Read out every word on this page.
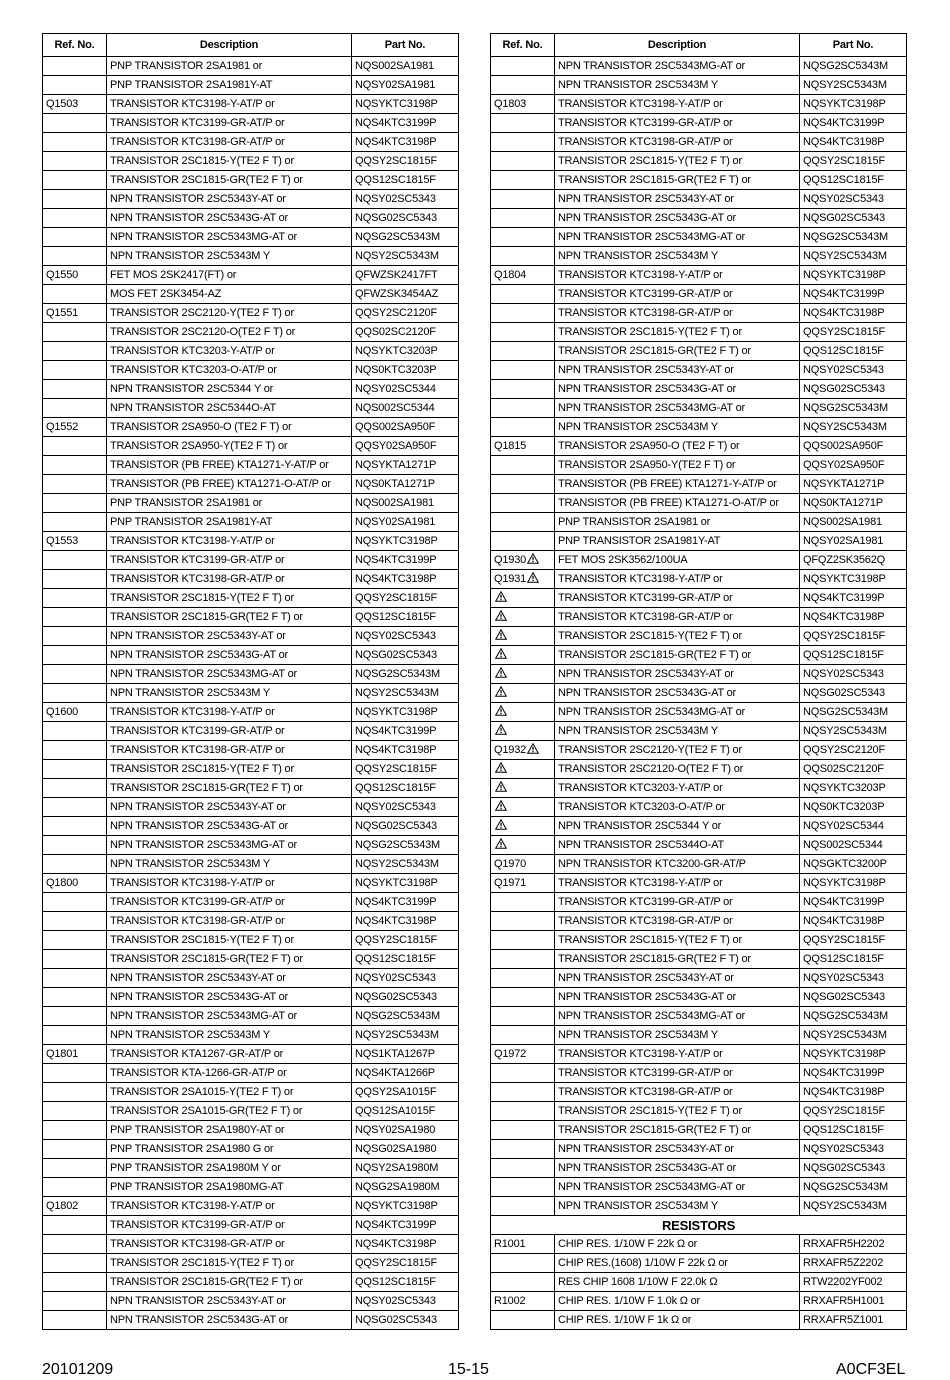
Ref. No.	Description	Part No.
	PNP TRANSISTOR 2SA1981 or	NQS002SA1981
	PNP TRANSISTOR 2SA1981Y-AT	NQSY02SA1981
Q1503	TRANSISTOR KTC3198-Y-AT/P or	NQSYKTC3198P
	TRANSISTOR KTC3199-GR-AT/P or	NQS4KTC3199P
	TRANSISTOR KTC3198-GR-AT/P or	NQS4KTC3198P
	TRANSISTOR 2SC1815-Y(TE2 F T) or	QQSY2SC1815F
	TRANSISTOR 2SC1815-GR(TE2 F T) or	QQS12SC1815F
	NPN TRANSISTOR 2SC5343Y-AT or	NQSY02SC5343
	NPN TRANSISTOR 2SC5343G-AT or	NQSG02SC5343
	NPN TRANSISTOR 2SC5343MG-AT or	NQSG2SC5343M
	NPN TRANSISTOR 2SC5343M Y	NQSY2SC5343M
Q1550	FET MOS 2SK2417(FT) or	QFWZSK2417FT
	MOS FET 2SK3454-AZ	QFWZSK3454AZ
Q1551	TRANSISTOR 2SC2120-Y(TE2 F T) or	QQSY2SC2120F
	TRANSISTOR 2SC2120-O(TE2 F T) or	QQS02SC2120F
	TRANSISTOR KTC3203-Y-AT/P or	NQSYKTC3203P
	TRANSISTOR KTC3203-O-AT/P or	NQS0KTC3203P
	NPN TRANSISTOR 2SC5344 Y or	NQSY02SC5344
	NPN TRANSISTOR 2SC5344O-AT	NQS002SC5344
Q1552	TRANSISTOR 2SA950-O (TE2 F T) or	QQS002SA950F
	TRANSISTOR 2SA950-Y(TE2 F T) or	QQSY02SA950F
	TRANSISTOR (PB FREE) KTA1271-Y-AT/P or	NQSYKTA1271P
	TRANSISTOR (PB FREE) KTA1271-O-AT/P or	NQS0KTA1271P
	PNP TRANSISTOR 2SA1981 or	NQS002SA1981
	PNP TRANSISTOR 2SA1981Y-AT	NQSY02SA1981
Q1553	TRANSISTOR KTC3198-Y-AT/P or	NQSYKTC3198P
	TRANSISTOR KTC3199-GR-AT/P or	NQS4KTC3199P
	TRANSISTOR KTC3198-GR-AT/P or	NQS4KTC3198P
	TRANSISTOR 2SC1815-Y(TE2 F T) or	QQSY2SC1815F
	TRANSISTOR 2SC1815-GR(TE2 F T) or	QQS12SC1815F
	NPN TRANSISTOR 2SC5343Y-AT or	NQSY02SC5343
	NPN TRANSISTOR 2SC5343G-AT or	NQSG02SC5343
	NPN TRANSISTOR 2SC5343MG-AT or	NQSG2SC5343M
	NPN TRANSISTOR 2SC5343M Y	NQSY2SC5343M
Q1600	TRANSISTOR KTC3198-Y-AT/P or	NQSYKTC3198P
	TRANSISTOR KTC3199-GR-AT/P or	NQS4KTC3199P
	TRANSISTOR KTC3198-GR-AT/P or	NQS4KTC3198P
	TRANSISTOR 2SC1815-Y(TE2 F T) or	QQSY2SC1815F
	TRANSISTOR 2SC1815-GR(TE2 F T) or	QQS12SC1815F
	NPN TRANSISTOR 2SC5343Y-AT or	NQSY02SC5343
	NPN TRANSISTOR 2SC5343G-AT or	NQSG02SC5343
	NPN TRANSISTOR 2SC5343MG-AT or	NQSG2SC5343M
	NPN TRANSISTOR 2SC5343M Y	NQSY2SC5343M
Q1800	TRANSISTOR KTC3198-Y-AT/P or	NQSYKTC3198P
	TRANSISTOR KTC3199-GR-AT/P or	NQS4KTC3199P
	TRANSISTOR KTC3198-GR-AT/P or	NQS4KTC3198P
	TRANSISTOR 2SC1815-Y(TE2 F T) or	QQSY2SC1815F
	TRANSISTOR 2SC1815-GR(TE2 F T) or	QQS12SC1815F
	NPN TRANSISTOR 2SC5343Y-AT or	NQSY02SC5343
	NPN TRANSISTOR 2SC5343G-AT or	NQSG02SC5343
	NPN TRANSISTOR 2SC5343MG-AT or	NQSG2SC5343M
	NPN TRANSISTOR 2SC5343M Y	NQSY2SC5343M
Q1801	TRANSISTOR KTA1267-GR-AT/P or	NQS1KTA1267P
	TRANSISTOR KTA-1266-GR-AT/P or	NQS4KTA1266P
	TRANSISTOR 2SA1015-Y(TE2 F T) or	QQSY2SA1015F
	TRANSISTOR 2SA1015-GR(TE2 F T) or	QQS12SA1015F
	PNP TRANSISTOR 2SA1980Y-AT or	NQSY02SA1980
	PNP TRANSISTOR 2SA1980 G or	NQSG02SA1980
	PNP TRANSISTOR 2SA1980M Y or	NQSY2SA1980M
	PNP TRANSISTOR 2SA1980MG-AT	NQSG2SA1980M
Q1802	TRANSISTOR KTC3198-Y-AT/P or	NQSYKTC3198P
	TRANSISTOR KTC3199-GR-AT/P or	NQS4KTC3199P
	TRANSISTOR KTC3198-GR-AT/P or	NQS4KTC3198P
	TRANSISTOR 2SC1815-Y(TE2 F T) or	QQSY2SC1815F
	TRANSISTOR 2SC1815-GR(TE2 F T) or	QQS12SC1815F
	NPN TRANSISTOR 2SC5343Y-AT or	NQSY02SC5343
	NPN TRANSISTOR 2SC5343G-AT or	NQSG02SC5343
Ref. No.	Description	Part No.
	NPN TRANSISTOR 2SC5343MG-AT or	NQSG2SC5343M
	NPN TRANSISTOR 2SC5343M Y	NQSY2SC5343M
Q1803	TRANSISTOR KTC3198-Y-AT/P or	NQSYKTC3198P
	TRANSISTOR KTC3199-GR-AT/P or	NQS4KTC3199P
	TRANSISTOR KTC3198-GR-AT/P or	NQS4KTC3198P
	TRANSISTOR 2SC1815-Y(TE2 F T) or	QQSY2SC1815F
	TRANSISTOR 2SC1815-GR(TE2 F T) or	QQS12SC1815F
	NPN TRANSISTOR 2SC5343Y-AT or	NQSY02SC5343
	NPN TRANSISTOR 2SC5343G-AT or	NQSG02SC5343
	NPN TRANSISTOR 2SC5343MG-AT or	NQSG2SC5343M
	NPN TRANSISTOR 2SC5343M Y	NQSY2SC5343M
Q1804	TRANSISTOR KTC3198-Y-AT/P or	NQSYKTC3198P
	TRANSISTOR KTC3199-GR-AT/P or	NQS4KTC3199P
	TRANSISTOR KTC3198-GR-AT/P or	NQS4KTC3198P
	TRANSISTOR 2SC1815-Y(TE2 F T) or	QQSY2SC1815F
	TRANSISTOR 2SC1815-GR(TE2 F T) or	QQS12SC1815F
	NPN TRANSISTOR 2SC5343Y-AT or	NQSY02SC5343
	NPN TRANSISTOR 2SC5343G-AT or	NQSG02SC5343
	NPN TRANSISTOR 2SC5343MG-AT or	NQSG2SC5343M
	NPN TRANSISTOR 2SC5343M Y	NQSY2SC5343M
Q1815	TRANSISTOR 2SA950-O (TE2 F T) or	QQS002SA950F
	TRANSISTOR 2SA950-Y(TE2 F T) or	QQSY02SA950F
	TRANSISTOR (PB FREE) KTA1271-Y-AT/P or	NQSYKTA1271P
	TRANSISTOR (PB FREE) KTA1271-O-AT/P or	NQS0KTA1271P
	PNP TRANSISTOR 2SA1981 or	NQS002SA1981
	PNP TRANSISTOR 2SA1981Y-AT	NQSY02SA1981
Q1930	FET MOS 2SK3562/100UA	QFQZ2SK3562Q
Q1931	TRANSISTOR KTC3198-Y-AT/P or	NQSYKTC3198P
	TRANSISTOR KTC3199-GR-AT/P or	NQS4KTC3199P
	TRANSISTOR KTC3198-GR-AT/P or	NQS4KTC3198P
	TRANSISTOR 2SC1815-Y(TE2 F T) or	QQSY2SC1815F
	TRANSISTOR 2SC1815-GR(TE2 F T) or	QQS12SC1815F
	NPN TRANSISTOR 2SC5343Y-AT or	NQSY02SC5343
	NPN TRANSISTOR 2SC5343G-AT or	NQSG02SC5343
	NPN TRANSISTOR 2SC5343MG-AT or	NQSG2SC5343M
	NPN TRANSISTOR 2SC5343M Y	NQSY2SC5343M
Q1932	TRANSISTOR 2SC2120-Y(TE2 F T) or	QQSY2SC2120F
	TRANSISTOR 2SC2120-O(TE2 F T) or	QQS02SC2120F
	TRANSISTOR KTC3203-Y-AT/P or	NQSYKTC3203P
	TRANSISTOR KTC3203-O-AT/P or	NQS0KTC3203P
	NPN TRANSISTOR 2SC5344 Y or	NQSY02SC5344
	NPN TRANSISTOR 2SC5344O-AT	NQS002SC5344
Q1970	NPN TRANSISTOR KTC3200-GR-AT/P	NQSGKTC3200P
Q1971	TRANSISTOR KTC3198-Y-AT/P or	NQSYKTC3198P
	TRANSISTOR KTC3199-GR-AT/P or	NQS4KTC3199P
	TRANSISTOR KTC3198-GR-AT/P or	NQS4KTC3198P
	TRANSISTOR 2SC1815-Y(TE2 F T) or	QQSY2SC1815F
	TRANSISTOR 2SC1815-GR(TE2 F T) or	QQS12SC1815F
	NPN TRANSISTOR 2SC5343Y-AT or	NQSY02SC5343
	NPN TRANSISTOR 2SC5343G-AT or	NQSG02SC5343
	NPN TRANSISTOR 2SC5343MG-AT or	NQSG2SC5343M
	NPN TRANSISTOR 2SC5343M Y	NQSY2SC5343M
Q1972	TRANSISTOR KTC3198-Y-AT/P or	NQSYKTC3198P
	TRANSISTOR KTC3199-GR-AT/P or	NQS4KTC3199P
	TRANSISTOR KTC3198-GR-AT/P or	NQS4KTC3198P
	TRANSISTOR 2SC1815-Y(TE2 F T) or	QQSY2SC1815F
	TRANSISTOR 2SC1815-GR(TE2 F T) or	QQS12SC1815F
	NPN TRANSISTOR 2SC5343Y-AT or	NQSY02SC5343
	NPN TRANSISTOR 2SC5343G-AT or	NQSG02SC5343
	NPN TRANSISTOR 2SC5343MG-AT or	NQSG2SC5343M
	NPN TRANSISTOR 2SC5343M Y	NQSY2SC5343M
RESISTORS		
R1001	CHIP RES. 1/10W F 22k Ω or	RRXAFR5H2202
	CHIP RES.(1608) 1/10W F 22k Ω or	RRXAFR5Z2202
	RES CHIP 1608 1/10W F 22.0k Ω	RTW2202YF002
R1002	CHIP RES. 1/10W F 1.0k Ω or	RRXAFR5H1001
	CHIP RES. 1/10W F 1k Ω or	RRXAFR5Z1001
20101209	15-15	A0CF3EL
